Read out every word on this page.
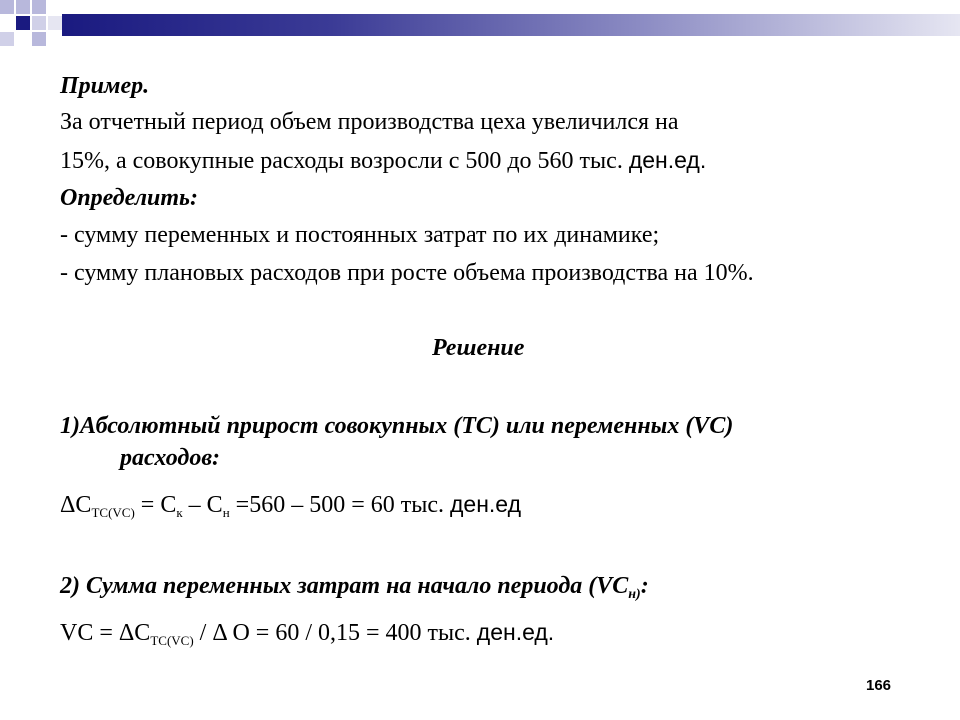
Пример.
За отчетный период объем производства цеха увеличился на
15%, а совокупные расходы возросли с 500 до 560 тыс. ден.ед.
Определить:
- сумму переменных и постоянных затрат по их динамике;
- сумму плановых расходов при росте объема производства на 10%.
Решение
1)Абсолютный прирост совокупных (ТС) или переменных (VC)
расходов:
$\Delta С_{TC(VC)} = С_к - С_н =560 - 500 = 60$ тыс. ден.ед
2) Сумма переменных затрат на начало периода ($VC_{н)}$:
VC = $\Delta С_{TC(VC)}$ / Δ О = 60 / 0,15 = 400 тыс. ден.ед.
166
